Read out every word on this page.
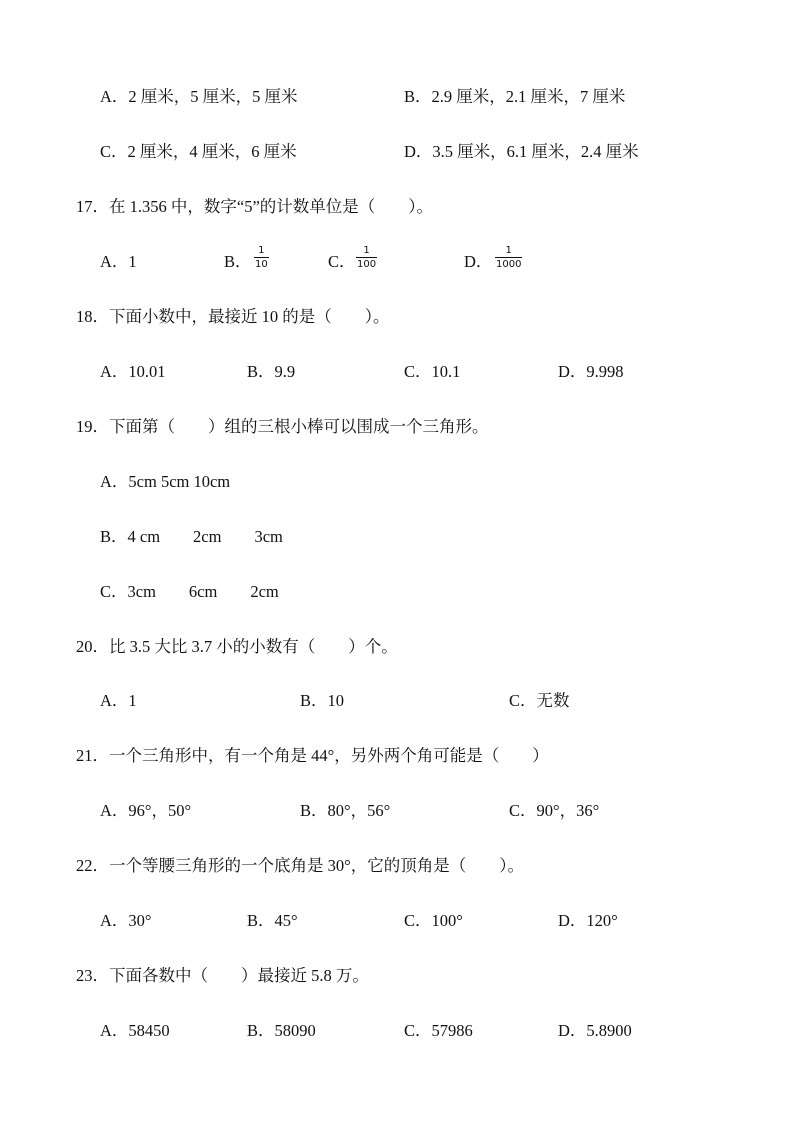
A．2 厘米，5 厘米，5 厘米	B．2.9 厘米，2.1 厘米，7 厘米
C．2 厘米，4 厘米，6 厘米	D．3.5 厘米，6.1 厘米，2.4 厘米
17．在 1.356 中，数字“5”的计数单位是（　　）。
A．1	B．
1
10	C．
1
100	D．
1
1000
18．下面小数中，最接近 10 的是（　　）。
A．10.01	B．9.9	C．10.1	D．9.998
19．下面第（　　）组的三根小棒可以围成一个三角形。
A．5cm 5cm 10cm
B．4 cm　　2cm　　3cm
C．3cm　　6cm　　2cm
20．比 3.5 大比 3.7 小的小数有（　　）个。
A．1	B．10	C．无数
21．一个三角形中，有一个角是 44°，另外两个角可能是（　　）
A．96°，50°	B．80°，56°	C．90°，36°
22．一个等腰三角形的一个底角是 30°，它的顶角是（　　）。
A．30°	B．45°	C．100°	D．120°
23．下面各数中（　　）最接近 5.8 万。
A．58450	B．58090	C．57986	D．5.8900
